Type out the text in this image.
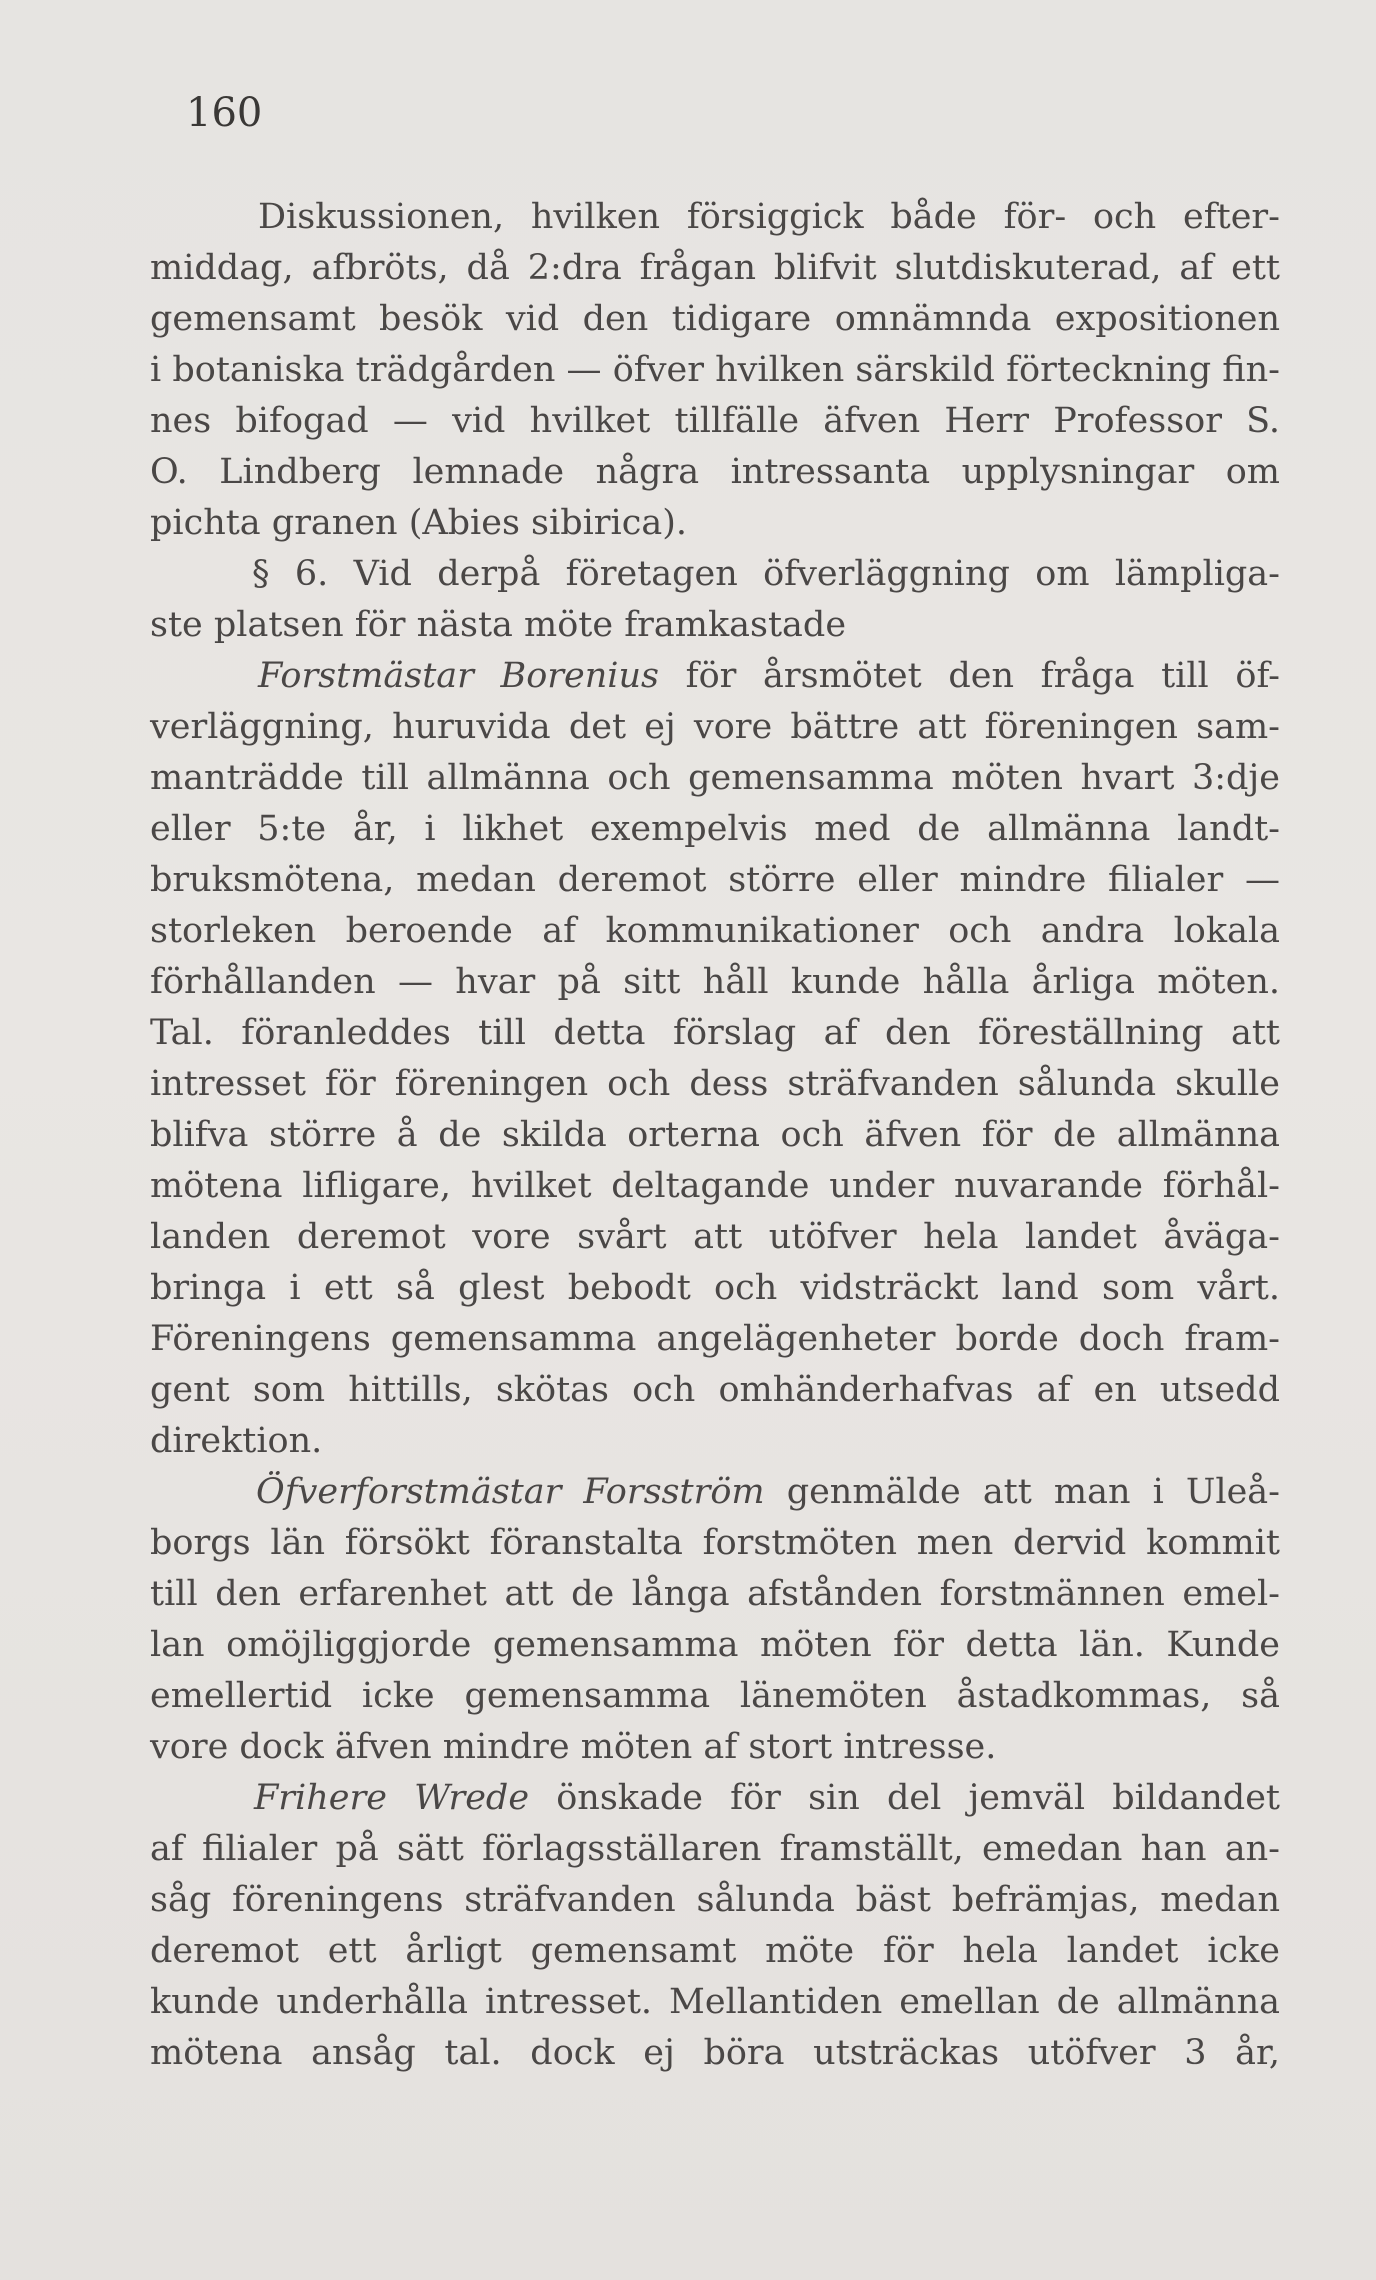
160
Diskussionen, hvilken försiggick både för- och efter-
middag, afbröts, då 2:dra frågan blifvit slutdiskuterad, af ett
gemensamt besök vid den tidigare omnämnda expositionen
i botaniska trädgården — öfver hvilken särskild förteckning fin-
nes bifogad — vid hvilket tillfälle äfven Herr Professor S.
O. Lindberg lemnade några intressanta upplysningar om
pichta granen (Abies sibirica).
§ 6. Vid derpå företagen öfverläggning om lämpliga-
ste platsen för nästa möte framkastade
Forstmästar Borenius för årsmötet den fråga till öf-
verläggning, huruvida det ej vore bättre att föreningen sam-
manträdde till allmänna och gemensamma möten hvart 3:dje
eller 5:te år, i likhet exempelvis med de allmänna landt-
bruksmötena, medan deremot större eller mindre filialer —
storleken beroende af kommunikationer och andra lokala
förhållanden — hvar på sitt håll kunde hålla årliga möten.
Tal. föranleddes till detta förslag af den föreställning att
intresset för föreningen och dess sträfvanden sålunda skulle
blifva större å de skilda orterna och äfven för de allmänna
mötena lifligare, hvilket deltagande under nuvarande förhål-
landen deremot vore svårt att utöfver hela landet åväga-
bringa i ett så glest bebodt och vidsträckt land som vårt.
Föreningens gemensamma angelägenheter borde doch fram-
gent som hittills, skötas och omhänderhafvas af en utsedd
direktion.
Öfverforstmästar Forsström genmälde att man i Uleå-
borgs län försökt föranstalta forstmöten men dervid kommit
till den erfarenhet att de långa afstånden forstmännen emel-
lan omöjliggjorde gemensamma möten för detta län. Kunde
emellertid icke gemensamma länemöten åstadkommas, så
vore dock äfven mindre möten af stort intresse.
Frihere Wrede önskade för sin del jemväl bildandet
af filialer på sätt förlagsställaren framställt, emedan han an-
såg föreningens sträfvanden sålunda bäst befrämjas, medan
deremot ett årligt gemensamt möte för hela landet icke
kunde underhålla intresset. Mellantiden emellan de allmänna
mötena ansåg tal. dock ej böra utsträckas utöfver 3 år,
